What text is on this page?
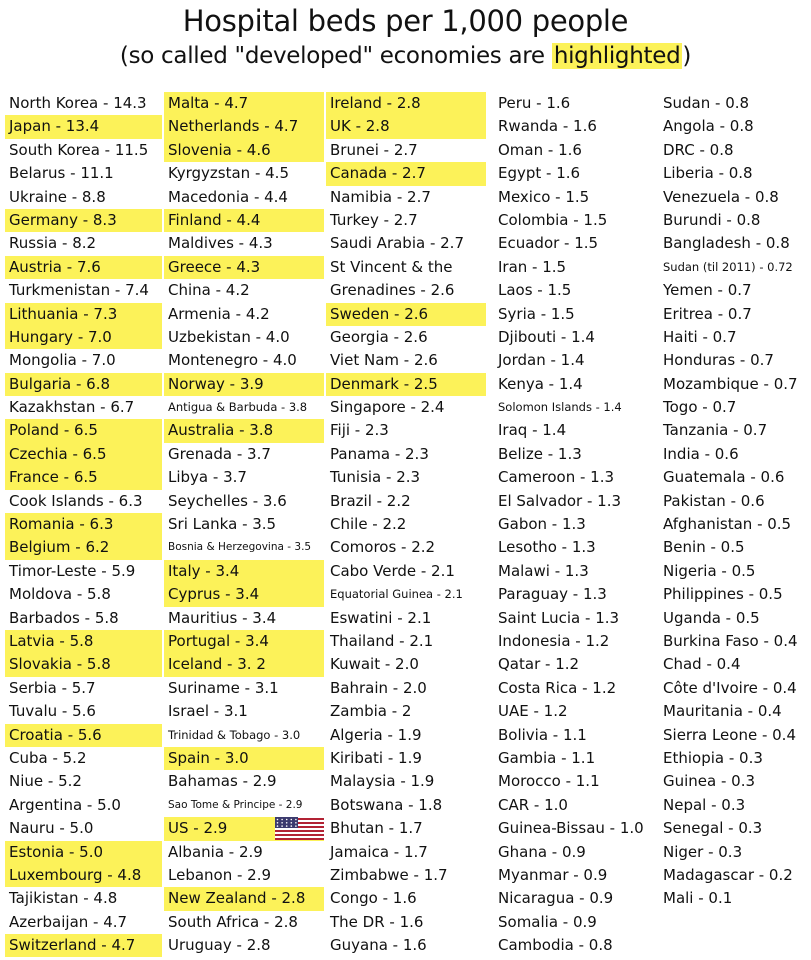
Hospital beds per 1,000 people
(so called "developed" economies are highlighted)
North Korea - 14.3
Japan - 13.4
South Korea - 11.5
Belarus - 11.1
Ukraine - 8.8
Germany - 8.3
Russia - 8.2
Austria - 7.6
Turkmenistan - 7.4
Lithuania - 7.3
Hungary - 7.0
Mongolia - 7.0
Bulgaria - 6.8
Kazakhstan - 6.7
Poland - 6.5
Czechia - 6.5
France - 6.5
Cook Islands - 6.3
Romania - 6.3
Belgium - 6.2
Timor-Leste - 5.9
Moldova - 5.8
Barbados - 5.8
Latvia - 5.8
Slovakia - 5.8
Serbia - 5.7
Tuvalu - 5.6
Croatia - 5.6
Cuba - 5.2
Niue - 5.2
Argentina - 5.0
Nauru - 5.0
Estonia - 5.0
Luxembourg - 4.8
Tajikistan - 4.8
Azerbaijan - 4.7
Switzerland - 4.7
Malta - 4.7
Netherlands - 4.7
Slovenia - 4.6
Kyrgyzstan - 4.5
Macedonia - 4.4
Finland - 4.4
Maldives - 4.3
Greece - 4.3
China - 4.2
Armenia - 4.2
Uzbekistan - 4.0
Montenegro - 4.0
Norway - 3.9
Antigua & Barbuda - 3.8
Australia - 3.8
Grenada - 3.7
Libya - 3.7
Seychelles - 3.6
Sri Lanka - 3.5
Bosnia & Herzegovina - 3.5
Italy - 3.4
Cyprus - 3.4
Mauritius - 3.4
Portugal - 3.4
Iceland - 3. 2
Suriname - 3.1
Israel - 3.1
Trinidad & Tobago - 3.0
Spain - 3.0
Bahamas - 2.9
Sao Tome & Principe - 2.9
US - 2.9
Albania - 2.9
Lebanon - 2.9
New Zealand - 2.8
South Africa - 2.8
Uruguay - 2.8
Ireland - 2.8
UK - 2.8
Brunei - 2.7
Canada - 2.7
Namibia - 2.7
Turkey - 2.7
Saudi Arabia - 2.7
St Vincent & the
Grenadines - 2.6
Sweden - 2.6
Georgia - 2.6
Viet Nam - 2.6
Denmark - 2.5
Singapore - 2.4
Fiji - 2.3
Panama - 2.3
Tunisia - 2.3
Brazil - 2.2
Chile - 2.2
Comoros - 2.2
Cabo Verde - 2.1
Equatorial Guinea - 2.1
Eswatini - 2.1
Thailand - 2.1
Kuwait - 2.0
Bahrain - 2.0
Zambia - 2
Algeria - 1.9
Kiribati - 1.9
Malaysia - 1.9
Botswana - 1.8
Bhutan - 1.7
Jamaica - 1.7
Zimbabwe - 1.7
Congo - 1.6
The DR - 1.6
Guyana - 1.6
Peru - 1.6
Rwanda - 1.6
Oman - 1.6
Egypt - 1.6
Mexico - 1.5
Colombia - 1.5
Ecuador - 1.5
Iran - 1.5
Laos - 1.5
Syria - 1.5
Djibouti - 1.4
Jordan - 1.4
Kenya - 1.4
Solomon Islands - 1.4
Iraq - 1.4
Belize - 1.3
Cameroon - 1.3
El Salvador - 1.3
Gabon - 1.3
Lesotho - 1.3
Malawi - 1.3
Paraguay - 1.3
Saint Lucia - 1.3
Indonesia - 1.2
Qatar - 1.2
Costa Rica - 1.2
UAE - 1.2
Bolivia - 1.1
Gambia - 1.1
Morocco - 1.1
CAR - 1.0
Guinea-Bissau - 1.0
Ghana - 0.9
Myanmar - 0.9
Nicaragua - 0.9
Somalia - 0.9
Cambodia - 0.8
Sudan - 0.8
Angola - 0.8
DRC - 0.8
Liberia - 0.8
Venezuela - 0.8
Burundi - 0.8
Bangladesh - 0.8
Sudan (til 2011) - 0.72
Yemen - 0.7
Eritrea - 0.7
Haiti - 0.7
Honduras - 0.7
Mozambique - 0.7
Togo - 0.7
Tanzania - 0.7
India - 0.6
Guatemala - 0.6
Pakistan - 0.6
Afghanistan - 0.5
Benin - 0.5
Nigeria - 0.5
Philippines - 0.5
Uganda - 0.5
Burkina Faso - 0.4
Chad - 0.4
Côte d'Ivoire - 0.4
Mauritania - 0.4
Sierra Leone - 0.4
Ethiopia - 0.3
Guinea - 0.3
Nepal - 0.3
Senegal - 0.3
Niger - 0.3
Madagascar - 0.2
Mali - 0.1
